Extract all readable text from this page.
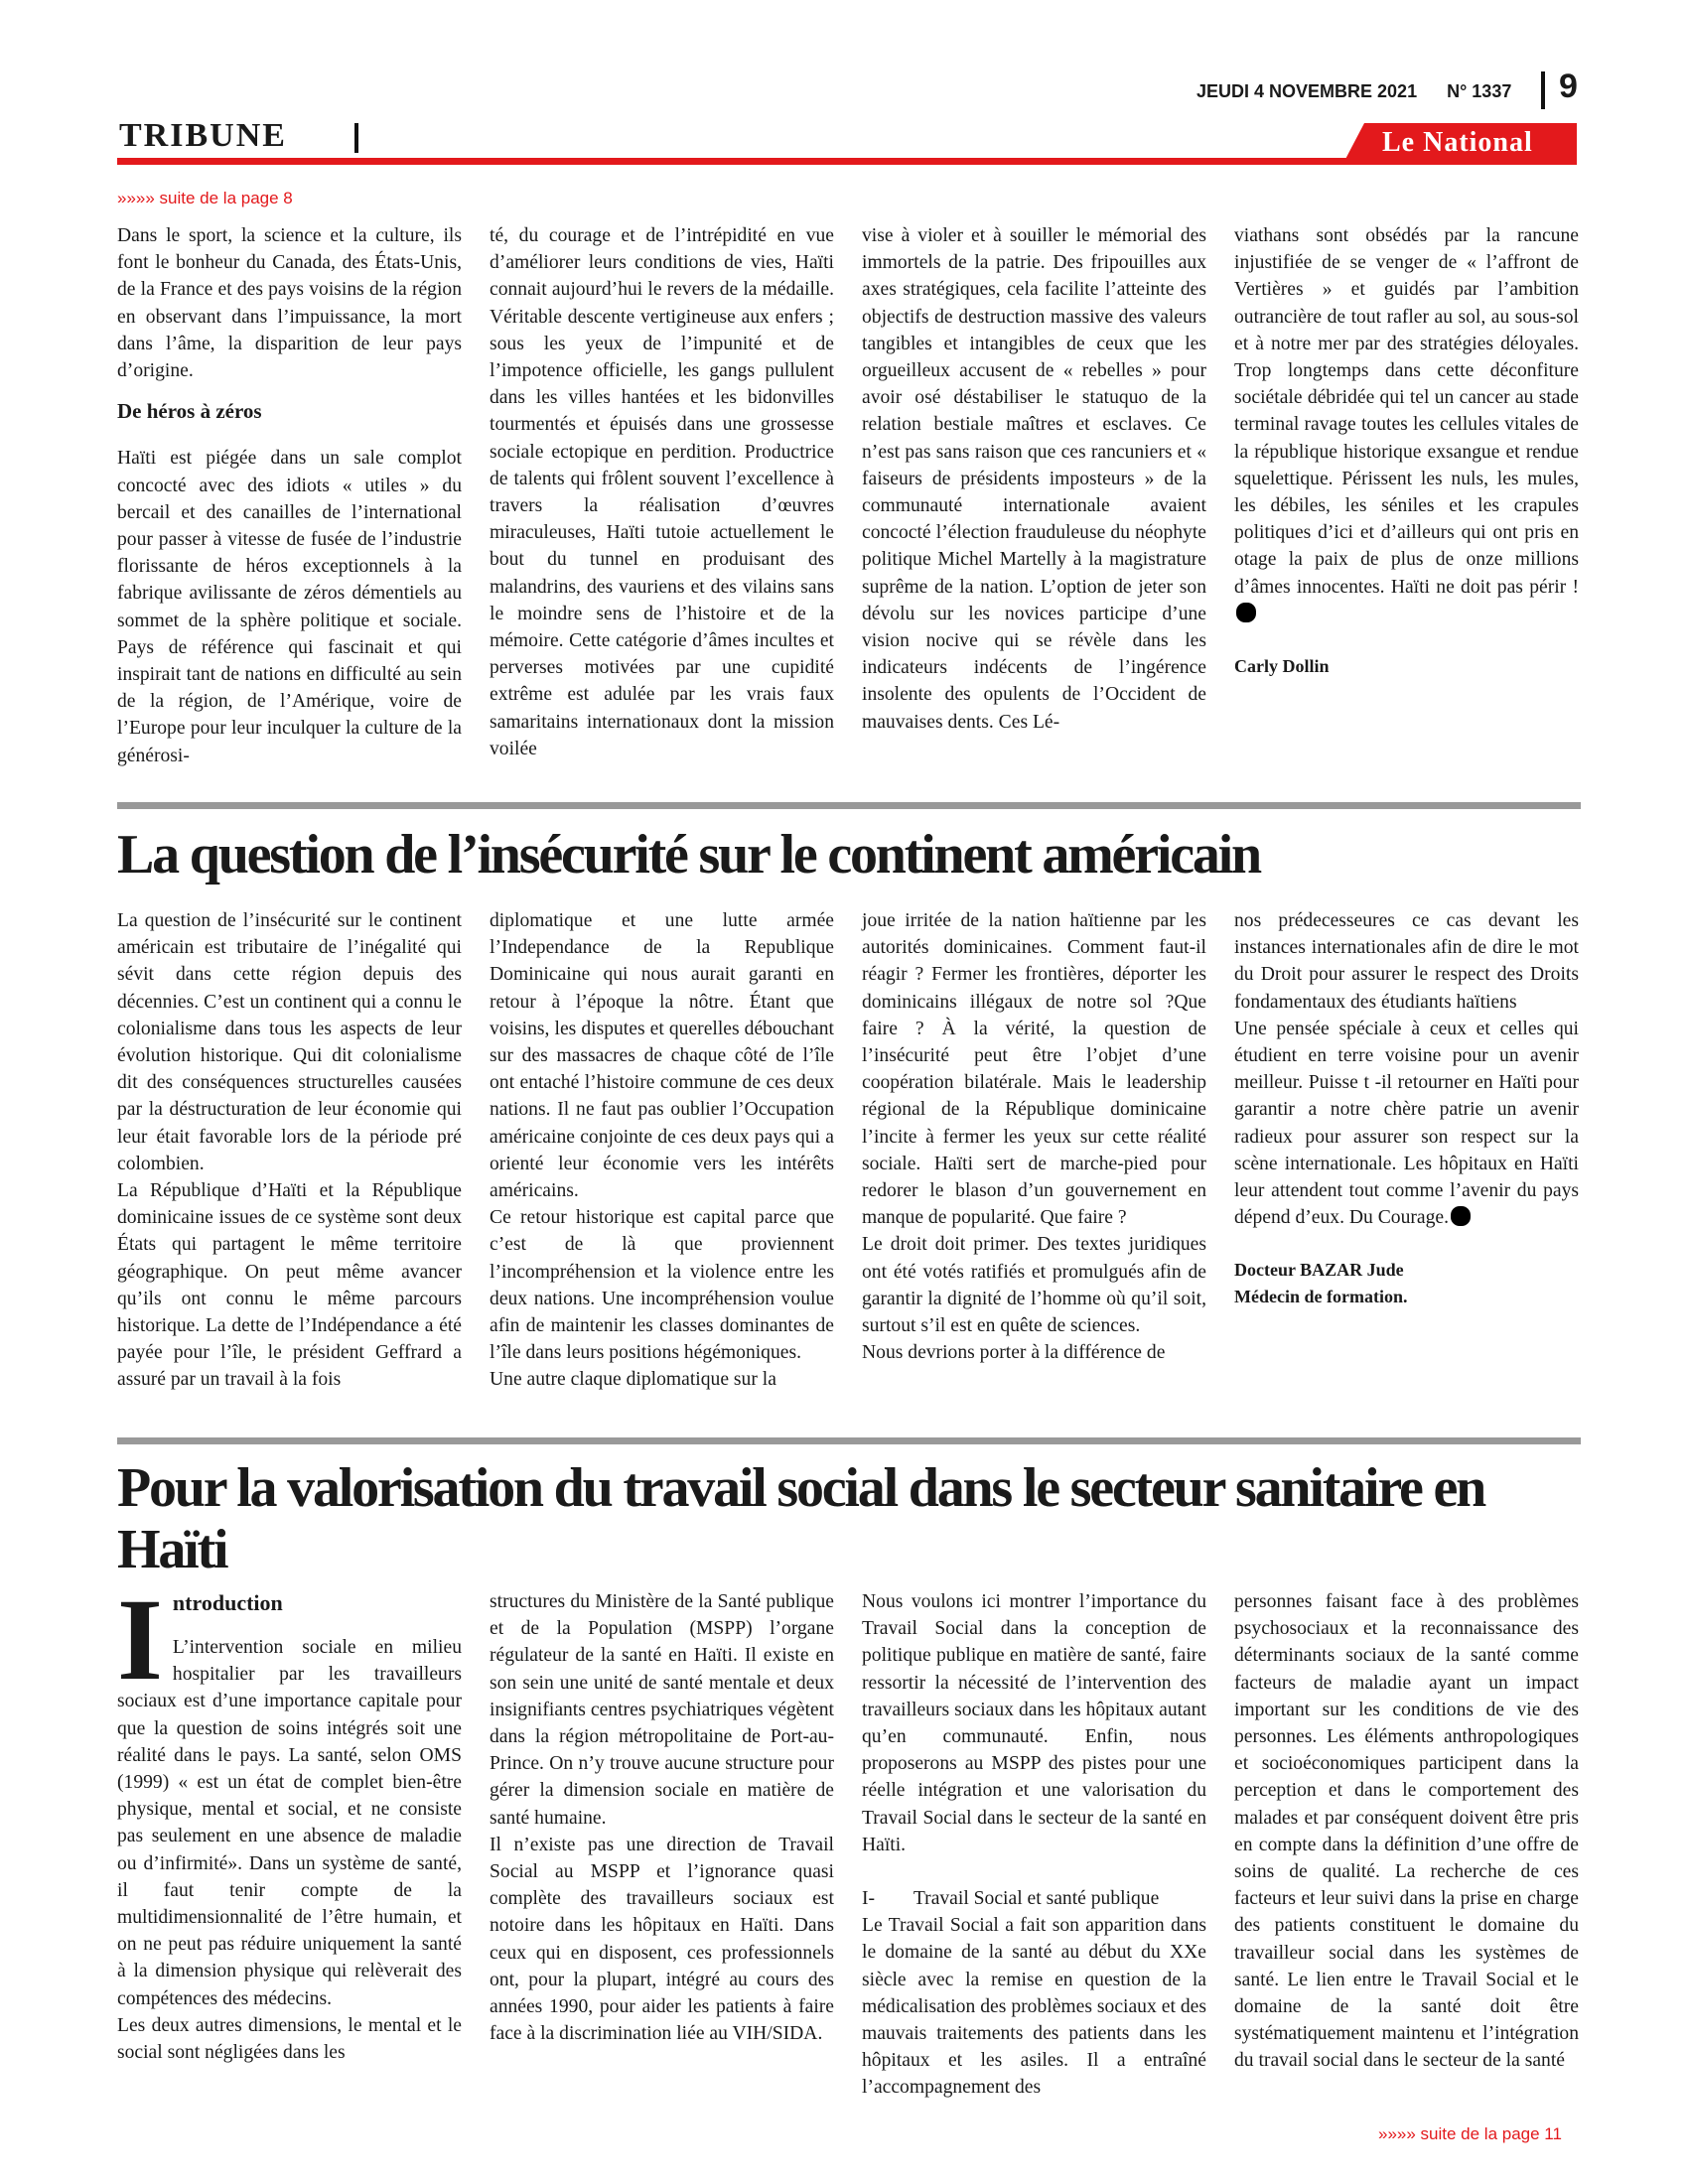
JEUDI 4 NOVEMBRE 2021 N° 1337	9
TRIBUNE	Le National
»»»» suite de la page 8

Dans le sport, la science et la culture, ils font le bonheur du Canada, des États-Unis, de la France et des pays voisins de la région en observant dans l’impuissance, la mort dans l’âme, la disparition de leur pays d’origine.

De héros à zéros

Haïti est piégée dans un sale complot concocté avec des idiots « utiles » du bercail et des canailles de l’international pour passer à vitesse de fusée de l’industrie florissante de héros exceptionnels à la fabrique avilissante de zéros démentiels au sommet de la sphère politique et sociale. Pays de référence qui fascinait et qui inspirait tant de nations en difficulté au sein de la région, de l’Amérique, voire de l’Europe pour leur inculquer la culture de la générosi-

té, du courage et de l’intrépidité en vue d’améliorer leurs conditions de vies, Haïti connait aujourd’hui le revers de la médaille. Véritable descente vertigineuse aux enfers ; sous les yeux de l’impunité et de l’impotence officielle, les gangs pullulent dans les villes hantées et les bidonvilles tourmentés et épuisés dans une grossesse sociale ectopique en perdition. Productrice de talents qui frôlent souvent l’excellence à travers la réalisation d’œuvres miraculeuses, Haïti tutoie actuellement le bout du tunnel en produisant des malandrins, des vauriens et des vilains sans le moindre sens de l’histoire et de la mémoire. Cette catégorie d’âmes incultes et perverses motivées par une cupidité extrême est adulée par les vrais faux samaritains internationaux dont la mission voilée

vise à violer et à souiller le mémorial des immortels de la patrie. Des fripouilles aux axes stratégiques, cela facilite l’atteinte des objectifs de destruction massive des valeurs tangibles et intangibles de ceux que les orgueilleux accusent de « rebelles » pour avoir osé déstabiliser le statuquo de la relation bestiale maîtres et esclaves. Ce n’est pas sans raison que ces rancuniers et « faiseurs de présidents imposteurs » de la communauté internationale avaient concocté l’élection frauduleuse du néophyte politique Michel Martelly à la magistrature suprême de la nation. L’option de jeter son dévolu sur les novices participe d’une vision nocive qui se révèle dans les indicateurs indécents de l’ingérence insolente des opulents de l’Occident de mauvaises dents. Ces Lé-

viathans sont obsédés par la rancune injustifiée de se venger de « l’affront de Vertières » et guidés par l’ambition outrancière de tout rafler au sol, au sous-sol et à notre mer par des stratégies déloyales. Trop longtemps dans cette déconfiture sociétale débridée qui tel un cancer au stade terminal ravage toutes les cellules vitales de la république historique exsangue et rendue squelettique. Périssent les nuls, les mules, les débiles, les séniles et les crapules politiques d’ici et d’ailleurs qui ont pris en otage la paix de plus de onze millions d’âmes innocentes. Haïti ne doit pas périr !

Carly Dollin

La question de l’insécurité sur le continent américain

La question de l’insécurité sur le continent américain est tributaire de l’inégalité qui sévit dans cette région depuis des décennies. C’est un continent qui a connu le colonialisme dans tous les aspects de leur évolution historique. Qui dit colonialisme dit des conséquences structurelles causées par la déstructuration de leur économie qui leur était favorable lors de la période pré colombien.

La République d’Haïti et la République dominicaine issues de ce système sont deux États qui partagent le même territoire géographique. On peut même avancer qu’ils ont connu le même parcours historique. La dette de l’Indépendance a été payée pour l’île, le président Geffrard a assuré par un travail à la fois

diplomatique et une lutte armée l’Independance de la Republique Dominicaine qui nous aurait garanti en retour à l’époque la nôtre. Étant que voisins, les disputes et querelles débouchant sur des massacres de chaque côté de l’île ont entaché l’histoire commune de ces deux nations. Il ne faut pas oublier l’Occupation américaine conjointe de ces deux pays qui a orienté leur économie vers les intérêts américains.

Ce retour historique est capital parce que c’est de là que proviennent l’incompréhension et la violence entre les deux nations. Une incompréhension voulue afin de maintenir les classes dominantes de l’île dans leurs positions hégémoniques.

Une autre claque diplomatique sur la

joue irritée de la nation haïtienne par les autorités dominicaines. Comment faut-il réagir ? Fermer les frontières, déporter les dominicains illégaux de notre sol ?Que faire ? À la vérité, la question de l’insécurité peut être l’objet d’une coopération bilatérale. Mais le leadership régional de la République dominicaine l’incite à fermer les yeux sur cette réalité sociale. Haïti sert de marche-pied pour redorer le blason d’un gouvernement en manque de popularité. Que faire ?

Le droit doit primer. Des textes juridiques ont été votés ratifiés et promulgués afin de garantir la dignité de l’homme où qu’il soit, surtout s’il est en quête de sciences.

Nous devrions porter à la différence de

nos prédecesseures ce cas devant les instances internationales afin de dire le mot du Droit pour assurer le respect des Droits fondamentaux des étudiants haïtiens

Une pensée spéciale à ceux et celles qui étudient en terre voisine pour un avenir meilleur. Puisse t -il retourner en Haïti pour garantir a notre chère patrie un avenir radieux pour assurer son respect sur la scène internationale. Les hôpitaux en Haïti leur attendent tout comme l’avenir du pays dépend d’eux. Du Courage.

Docteur BAZAR Jude

Médecin de formation.

Pour la valorisation du travail social dans le secteur sanitaire en Haïti
I ntroduction

L’intervention sociale en milieu hospitalier par les travailleurs sociaux est d’une importance capitale pour que la question de soins intégrés soit une réalité dans le pays. La santé, selon OMS (1999) « est un état de complet bien-être physique, mental et social, et ne consiste pas seulement en une absence de maladie ou d’infirmité». Dans un système de santé, il faut tenir compte de la multidimensionnalité de l’être humain, et on ne peut pas réduire uniquement la santé à la dimension physique qui relèverait des compétences des médecins.

Les deux autres dimensions, le mental et le social sont négligées dans les

structures du Ministère de la Santé publique et de la Population (MSPP) l’organe régulateur de la santé en Haïti. Il existe en son sein une unité de santé mentale et deux insignifiants centres psychiatriques végètent dans la région métropolitaine de Port-au-Prince. On n’y trouve aucune structure pour gérer la dimension sociale en matière de santé humaine.

Il n’existe pas une direction de Travail Social au MSPP et l’ignorance quasi complète des travailleurs sociaux est notoire dans les hôpitaux en Haïti. Dans ceux qui en disposent, ces professionnels ont, pour la plupart, intégré au cours des années 1990, pour aider les patients à faire face à la discrimination liée au VIH/SIDA.

Nous voulons ici montrer l’importance du Travail Social dans la conception de politique publique en matière de santé, faire ressortir la nécessité de l’intervention des travailleurs sociaux dans les hôpitaux autant qu’en communauté. Enfin, nous proposerons au MSPP des pistes pour une réelle intégration et une valorisation du Travail Social dans le secteur de la santé en Haïti.

I-        Travail Social et santé publique

Le Travail Social a fait son apparition dans le domaine de la santé au début du XXe siècle avec la remise en question de la médicalisation des problèmes sociaux et des mauvais traitements des patients dans les hôpitaux et les asiles. Il a entraîné l’accompagnement des

personnes faisant face à des problèmes psychosociaux et la reconnaissance des déterminants sociaux de la santé comme facteurs de maladie ayant un impact important sur les conditions de vie des personnes. Les éléments anthropologiques et socioéconomiques participent dans la perception et dans le comportement des malades et par conséquent doivent être pris en compte dans la définition d’une offre de soins de qualité. La recherche de ces facteurs et leur suivi dans la prise en charge des patients constituent le domaine du travailleur social dans les systèmes de santé. Le lien entre le Travail Social et le domaine de la santé doit être systématiquement maintenu et l’intégration du travail social dans le secteur de la santé

»»»» suite de la page 11
